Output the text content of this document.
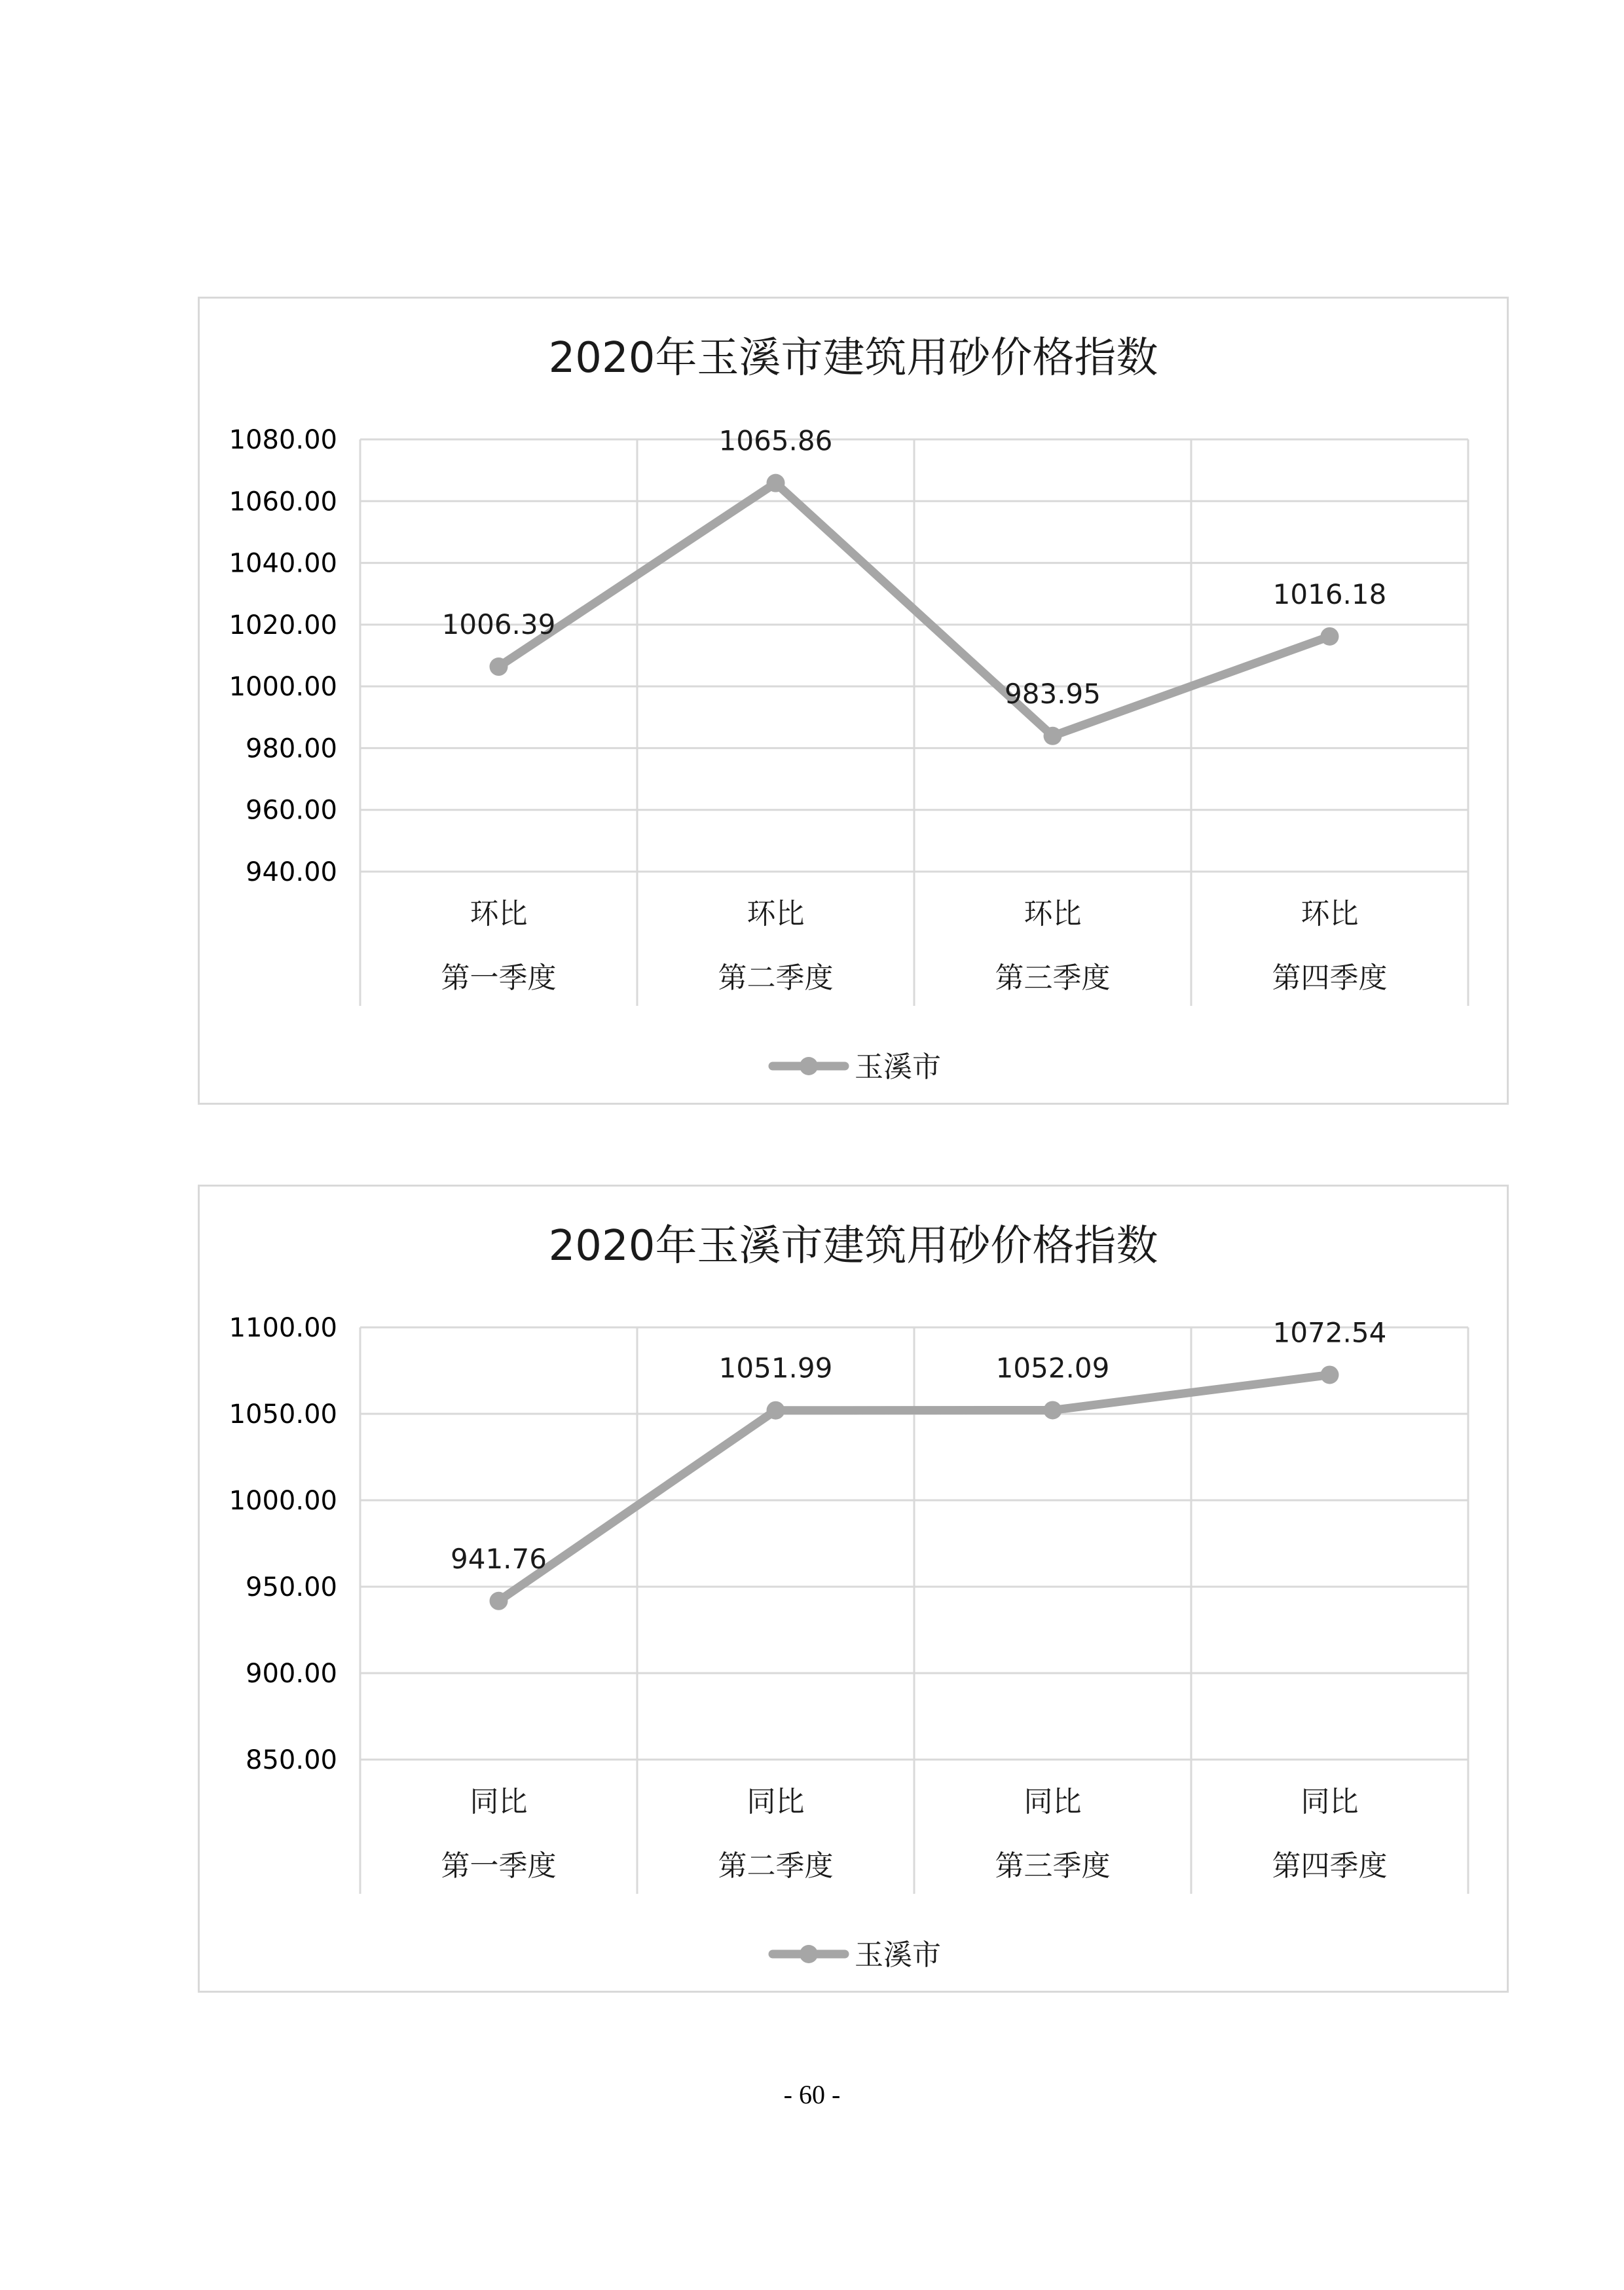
2020年玉溪市建筑用砂价格指数
940.00
960.00
980.00
1000.00
1020.00
1040.00
1060.00
1080.00
环比
第一季度
环比
第二季度
环比
第三季度
环比
第四季度
1006.39
1065.86
983.95
1016.18
玉溪市
2020年玉溪市建筑用砂价格指数
850.00
900.00
950.00
1000.00
1050.00
1100.00
同比
第一季度
同比
第二季度
同比
第三季度
同比
第四季度
941.76
1051.99	1052.09
1072.54
玉溪市
- 60 -
